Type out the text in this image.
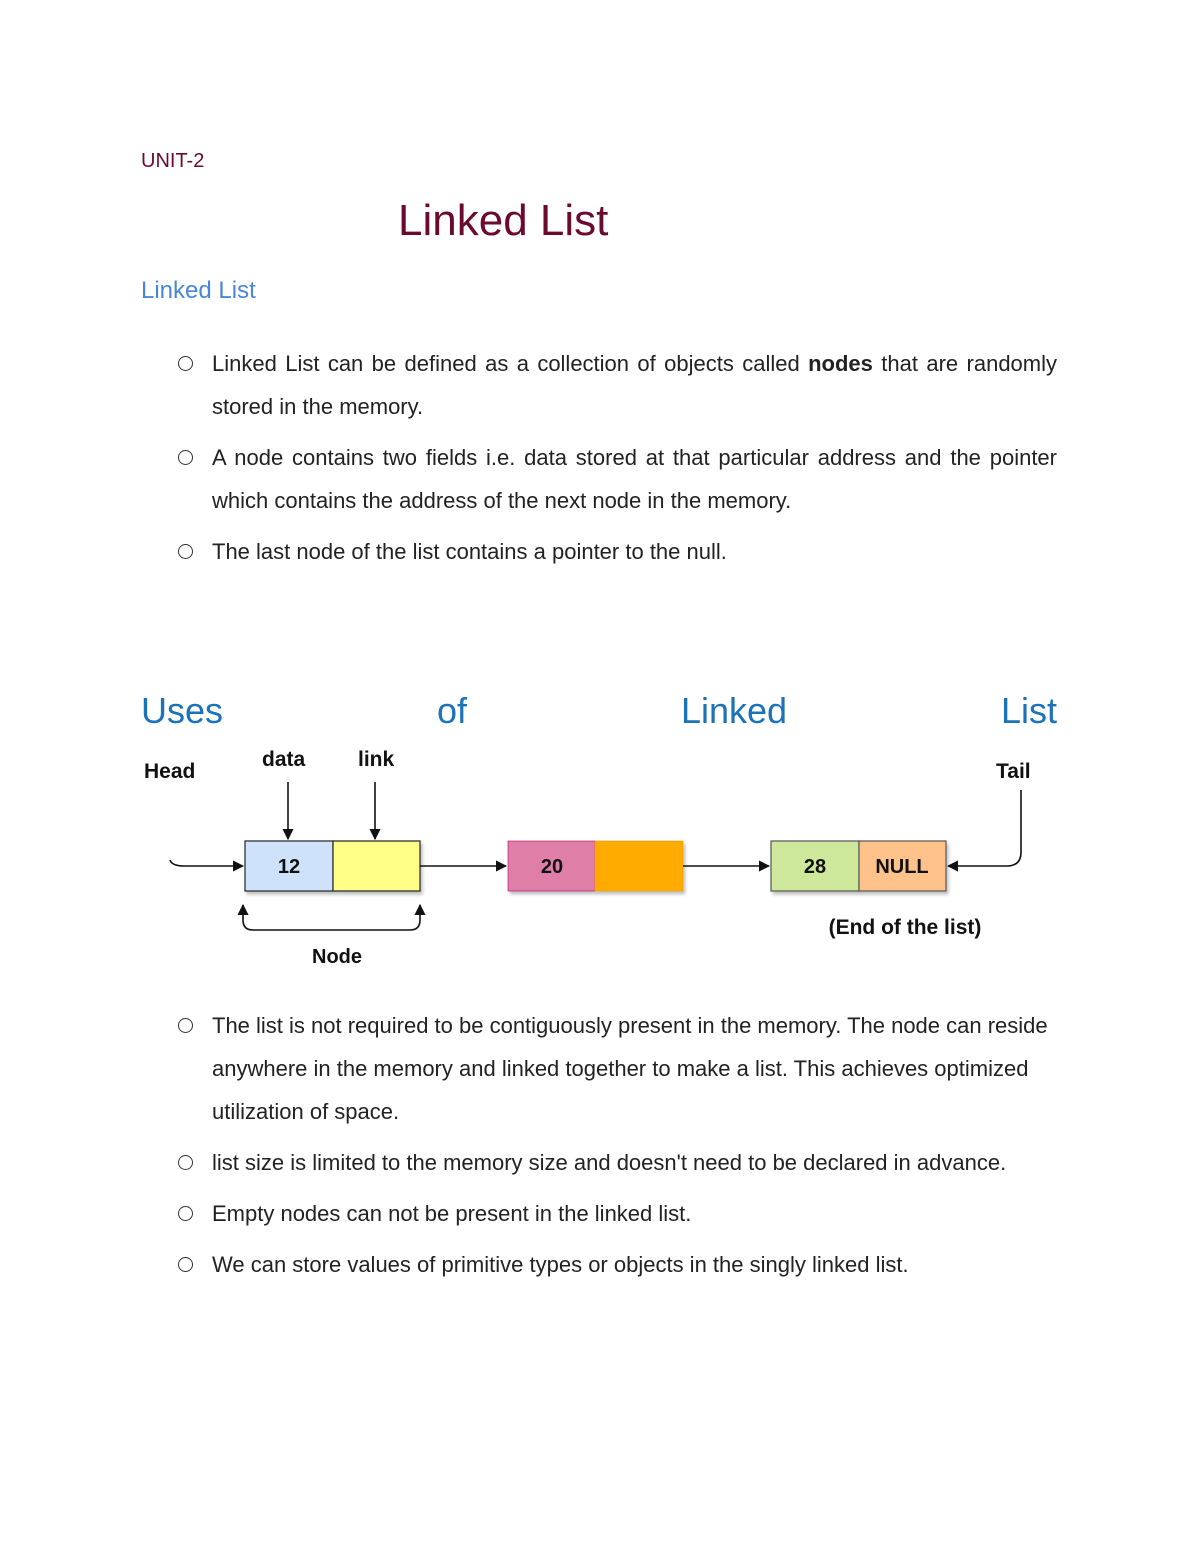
UNIT-2
Linked List
Linked List
Linked List can be defined as a collection of objects called nodes that are randomly stored in the memory.
A node contains two fields i.e. data stored at that particular address and the pointer which contains the address of the next node in the memory.
The last node of the list contains a pointer to the null.
Uses	of	Linked	List
Head
data	link
Tail
12	20	28 NULL
Node
(End of the list)
The list is not required to be contiguously present in the memory. The node can reside anywhere in the memory and linked together to make a list. This achieves optimized utilization of space.
list size is limited to the memory size and doesn't need to be declared in advance.
Empty nodes can not be present in the linked list.
We can store values of primitive types or objects in the singly linked list.
